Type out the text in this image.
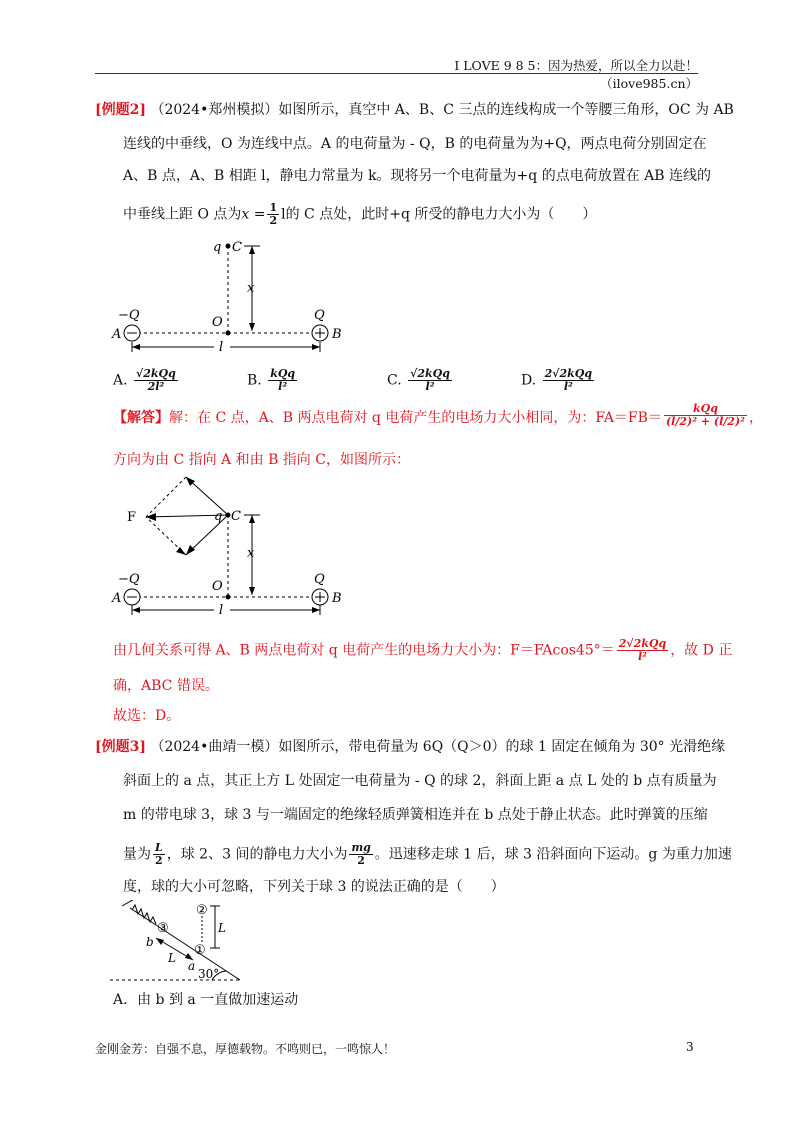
I LOVE 9 8 5：因为热爱，所以全力以赴！（ilove985.cn）
[例题2] （2024•郑州模拟）如图所示，真空中 A、B、C 三点的连线构成一个等腰三角形，OC 为 AB
连线的中垂线，O 为连线中点。A 的电荷量为 - Q，B 的电荷量为为+Q，两点电荷分别固定在
A、B 点，A、B 相距 l，静电力常量为 k。现将另一个电荷量为+q 的点电荷放置在 AB 连线的
中垂线上距 O 点为$x = \frac{1}{2}$ l的 C 点处，此时+q 所受的静电力大小为（　　）
q C
x
−Q	Q
A
O
B
l
A. $\frac{\text{√2kQq}}{\text{2l²}}$	B. $\frac{\text{kQq}}{\text{l²}}$	C. $\frac{\text{√2kQq}}{\text{l²}}$	D. $\frac{\text{2√2kQq}}{\text{l²}}$
【解答】解：在 C 点，A、B 两点电荷对 q 电荷产生的电场力大小相同，为：$FA=FB= \frac{\text{kQq}}{\text{(l/2)² + (l/2)²}}$ ，
方向为由 C 指向 A 和由 B 指向 C，如图所示：
F	q C
x
−Q	Q
A
O
B
l
由几何关系可得 A、B 两点电荷对 q 电荷产生的电场力大小为：$F=FAcos45^\circ= \frac{\text{2√2kQq}}{\text{l²}}$ ，故 D 正
确，ABC 错误。
故选：D。
[例题3] （2024•曲靖一模）如图所示，带电荷量为 6Q（Q＞0）的球 1 固定在倾角为 30° 光滑绝缘
斜面上的 a 点，其正上方 L 处固定一电荷量为 - Q 的球 2，斜面上距 a 点 L 处的 b 点有质量为
m 的带电球 3，球 3 与一端固定的绝缘轻质弹簧相连并在 b 点处于静止状态。此时弹簧的压缩
量为 $\frac{L}{2}$ ，球 2、3 间的静电力大小为 $\frac{mg}{2}$ 。迅速移走球 1 后，球 3 沿斜面向下运动。g 为重力加速
度，球的大小可忽略，下列关于球 3 的说法正确的是（　　）
③
②
①
L
b
L
a
30°
A．由 b 到 a 一直做加速运动
金刚金芳：自强不息，厚德载物。不鸣则已，一鸣惊人！	3
